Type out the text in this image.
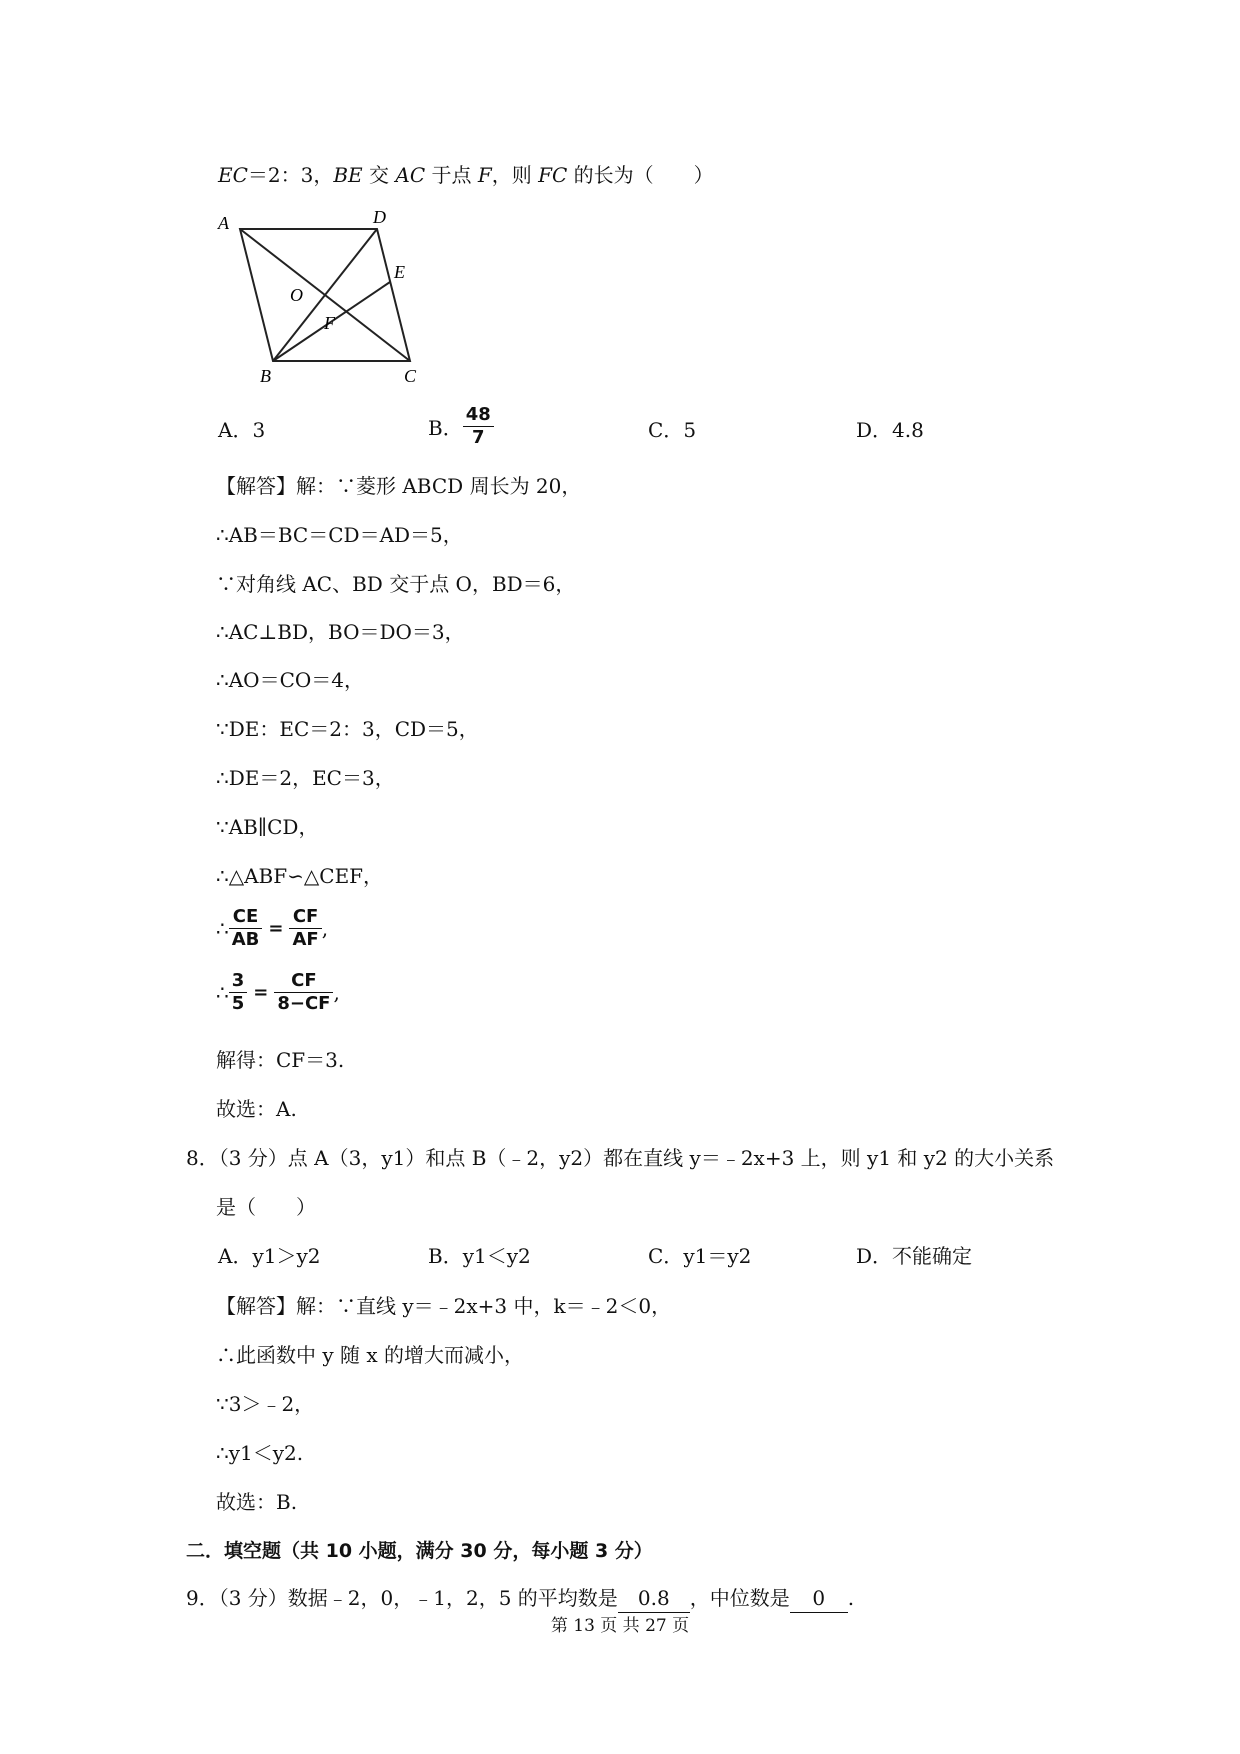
EC＝2：3，BE 交 AC 于点 F，则 FC 的长为（　　）
A	D
E
O
F
B	C
A．3	B． $\frac{48}{7}$	C．5	D．4.8
【解答】解：∵菱形 ABCD 周长为 20，
∴AB＝BC＝CD＝AD＝5，
∵对角线 AC、BD 交于点 O，BD＝6，
∴AC⊥BD，BO＝DO＝3，
∴AO＝CO＝4，
∵DE：EC＝2：3，CD＝5，
∴DE＝2，EC＝3，
∵AB∥CD，
∴△ABF∽△CEF，
∴ $\frac{CE}{AB} = \frac{CF}{AF}$ ,
∴ $\frac{3}{5} = \frac{CF}{8-CF}$ ,
解得：CF＝3.
故选：A.
8．（3 分）点 A（3，y1）和点 B（﹣2，y2）都在直线 y＝﹣2x+3 上，则 y1 和 y2 的大小关系
是（　　）
A．y1＞y2	B．y1＜y2	C．y1＝y2	D．不能确定
【解答】解：∵直线 y＝﹣2x+3 中，k＝﹣2＜0，
∴此函数中 y 随 x 的增大而减小，
∵3＞﹣2，
∴y1＜y2.
故选：B.
二．填空题（共 10 小题，满分 30 分，每小题 3 分）
9．（3 分）数据﹣2，0，﹣1，2，5 的平均数是 0.8 ，中位数是 0 .
第 13 页 共 27 页
